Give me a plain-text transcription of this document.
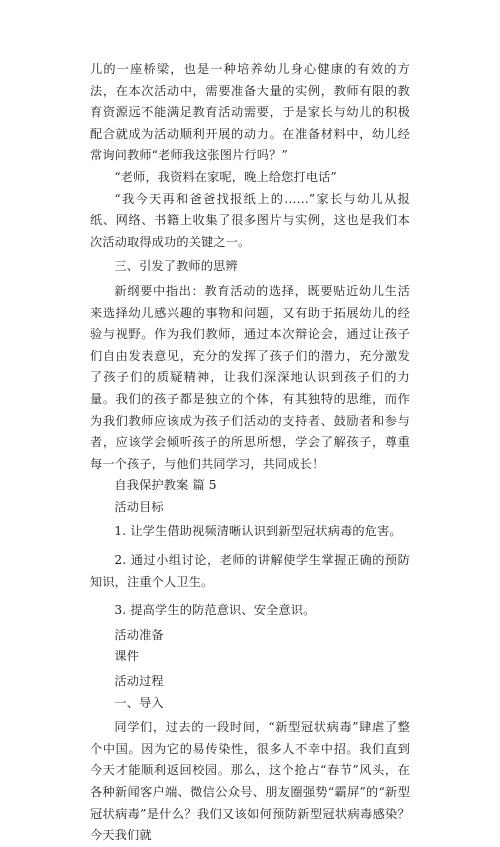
儿的一座桥梁，也是一种培养幼儿身心健康的有效的方法，在本次活动中，需要准备大量的实例，教师有限的教育资源远不能满足教育活动需要，于是家长与幼儿的积极配合就成为活动顺利开展的动力。在准备材料中，幼儿经常询问教师“老师我这张图片行吗？”

“老师，我资料在家呢，晚上给您打电话”

“我今天再和爸爸找报纸上的……”家长与幼儿从报纸、网络、书籍上收集了很多图片与实例，这也是我们本次活动取得成功的关键之一。

三、引发了教师的思辨

新纲要中指出：教育活动的选择，既要贴近幼儿生活来选择幼儿感兴趣的事物和问题，又有助于拓展幼儿的经验与视野。作为我们教师，通过本次辩论会，通过让孩子们自由发表意见，充分的发挥了孩子们的潜力，充分激发了孩子们的质疑精神，让我们深深地认识到孩子们的力量。我们的孩子都是独立的个体，有其独特的思维，而作为我们教师应该成为孩子们活动的支持者、鼓励者和参与者，应该学会倾听孩子的所思所想，学会了解孩子，尊重每一个孩子，与他们共同学习，共同成长！

自我保护教案 篇 5

活动目标

1. 让学生借助视频清晰认识到新型冠状病毒的危害。

2. 通过小组讨论，老师的讲解使学生掌握正确的预防知识，注重个人卫生。

3. 提高学生的防范意识、安全意识。

活动准备

课件

活动过程

一、导入

同学们，过去的一段时间，“新型冠状病毒”肆虐了整个中国。因为它的易传染性，很多人不幸中招。我们直到今天才能顺利返回校园。那么，这个抢占“春节”风头，在各种新闻客户端、微信公众号、朋友圈强势“霸屏”的“新型冠状病毒”是什么？我们又该如何预防新型冠状病毒感染？今天我们就
